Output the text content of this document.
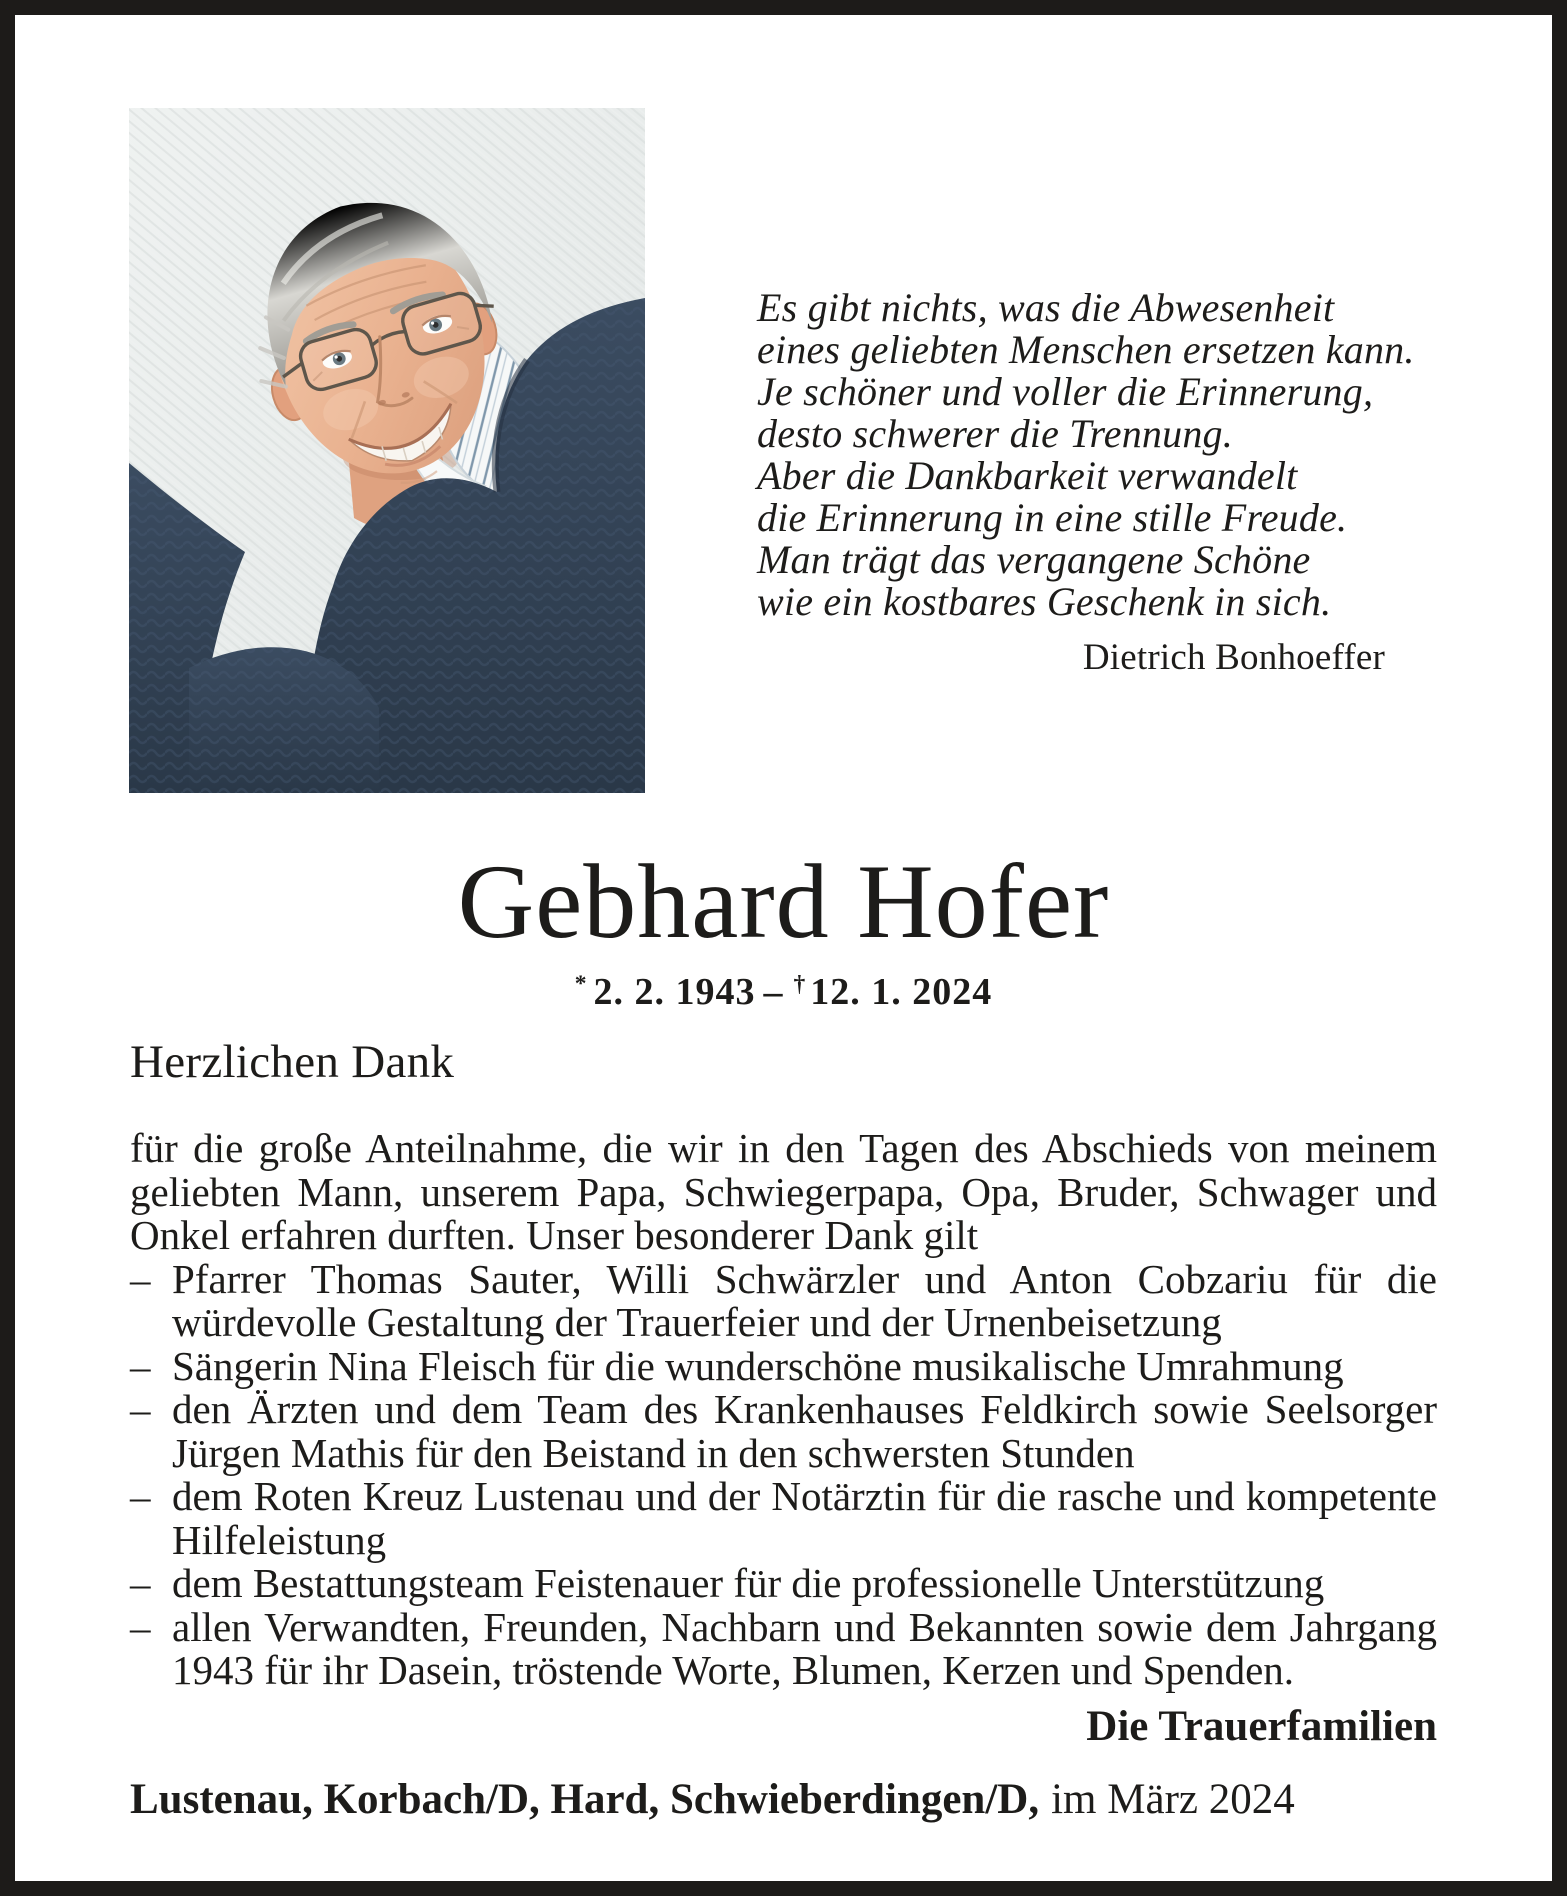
Es gibt nichts, was die Abwesenheit
eines geliebten Menschen ersetzen kann.
Je schöner und voller die Erinnerung,
desto schwerer die Trennung.
Aber die Dankbarkeit verwandelt
die Erinnerung in eine stille Freude.
Man trägt das vergangene Schöne
wie ein kostbares Geschenk in sich.
Dietrich Bonhoeffer
Gebhard Hofer
* 2. 2. 1943 – † 12. 1. 2024
Herzlichen Dank
für die große Anteilnahme, die wir in den Tagen des Abschieds von meinem geliebten Mann, unserem Papa, Schwiegerpapa, Opa, Bruder, Schwager und Onkel erfahren durften. Unser besonderer Dank gilt
– Pfarrer Thomas Sauter, Willi Schwärzler und Anton Cobzariu für die würdevolle Gestaltung der Trauerfeier und der Urnenbeisetzung
– Sängerin Nina Fleisch für die wunderschöne musikalische Umrahmung
– den Ärzten und dem Team des Krankenhauses Feldkirch sowie Seelsorger Jürgen Mathis für den Beistand in den schwersten Stunden
– dem Roten Kreuz Lustenau und der Notärztin für die rasche und kompetente Hilfeleistung
– dem Bestattungsteam Feistenauer für die professionelle Unterstützung
– allen Verwandten, Freunden, Nachbarn und Bekannten sowie dem Jahrgang 1943 für ihr Dasein, tröstende Worte, Blumen, Kerzen und Spenden.
Die Trauerfamilien
Lustenau, Korbach/D, Hard, Schwieberdingen/D, im März 2024
